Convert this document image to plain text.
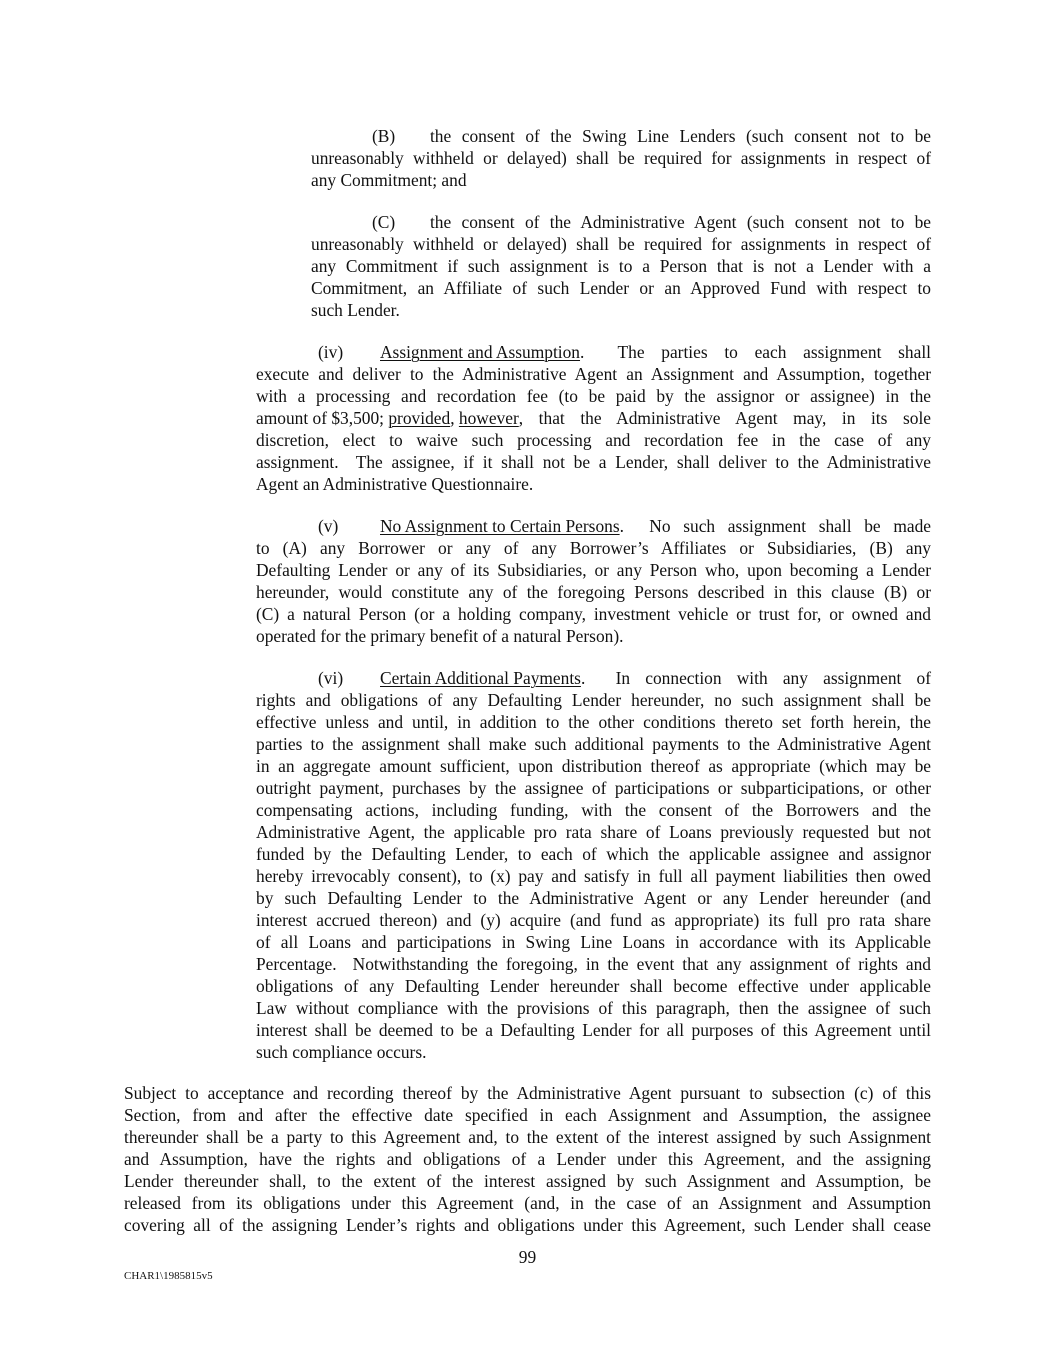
(B)  the consent of the Swing Line Lenders (such consent not to be
unreasonably withheld or delayed) shall be required for assignments in respect of
any Commitment; and
(C)  the consent of the Administrative Agent (such consent not to be
unreasonably withheld or delayed) shall be required for assignments in respect of
any Commitment if such assignment is to a Person that is not a Lender with a
Commitment, an Affiliate of such Lender or an Approved Fund with respect to
such Lender.
(iv) Assignment and Assumption .  The parties to each assignment shall
execute and deliver to the Administrative Agent an Assignment and Assumption, together
with a processing and recordation fee (to be paid by the assignor or assignee) in the
amount of $3,500; provided , however , that the Administrative Agent may, in its sole
discretion, elect to waive such processing and recordation fee in the case of any
assignment.  The assignee, if it shall not be a Lender, shall deliver to the Administrative
Agent an Administrative Questionnaire.
(v) No Assignment to Certain Persons .  No such assignment shall be made
to (A) any Borrower or any of any Borrower’s Affiliates or Subsidiaries, (B) any
Defaulting Lender or any of its Subsidiaries, or any Person who, upon becoming a Lender
hereunder, would constitute any of the foregoing Persons described in this clause (B) or
(C) a natural Person (or a holding company, investment vehicle or trust for, or owned and
operated for the primary benefit of a natural Person).
(vi) Certain Additional Payments .  In connection with any assignment of
rights and obligations of any Defaulting Lender hereunder, no such assignment shall be
effective unless and until, in addition to the other conditions thereto set forth herein, the
parties to the assignment shall make such additional payments to the Administrative Agent
in an aggregate amount sufficient, upon distribution thereof as appropriate (which may be
outright payment, purchases by the assignee of participations or subparticipations, or other
compensating actions, including funding, with the consent of the Borrowers and the
Administrative Agent, the applicable pro rata share of Loans previously requested but not
funded by the Defaulting Lender, to each of which the applicable assignee and assignor
hereby irrevocably consent), to (x) pay and satisfy in full all payment liabilities then owed
by such Defaulting Lender to the Administrative Agent or any Lender hereunder (and
interest accrued thereon) and (y) acquire (and fund as appropriate) its full pro rata share
of all Loans and participations in Swing Line Loans in accordance with its Applicable
Percentage.  Notwithstanding the foregoing, in the event that any assignment of rights and
obligations of any Defaulting Lender hereunder shall become effective under applicable
Law without compliance with the provisions of this paragraph, then the assignee of such
interest shall be deemed to be a Defaulting Lender for all purposes of this Agreement until
such compliance occurs.
Subject to acceptance and recording thereof by the Administrative Agent pursuant to subsection (c) of this
Section, from and after the effective date specified in each Assignment and Assumption, the assignee
thereunder shall be a party to this Agreement and, to the extent of the interest assigned by such Assignment
and Assumption, have the rights and obligations of a Lender under this Agreement, and the assigning
Lender thereunder shall, to the extent of the interest assigned by such Assignment and Assumption, be
released from its obligations under this Agreement (and, in the case of an Assignment and Assumption
covering all of the assigning Lender’s rights and obligations under this Agreement, such Lender shall cease
99
CHAR1\1985815v5
